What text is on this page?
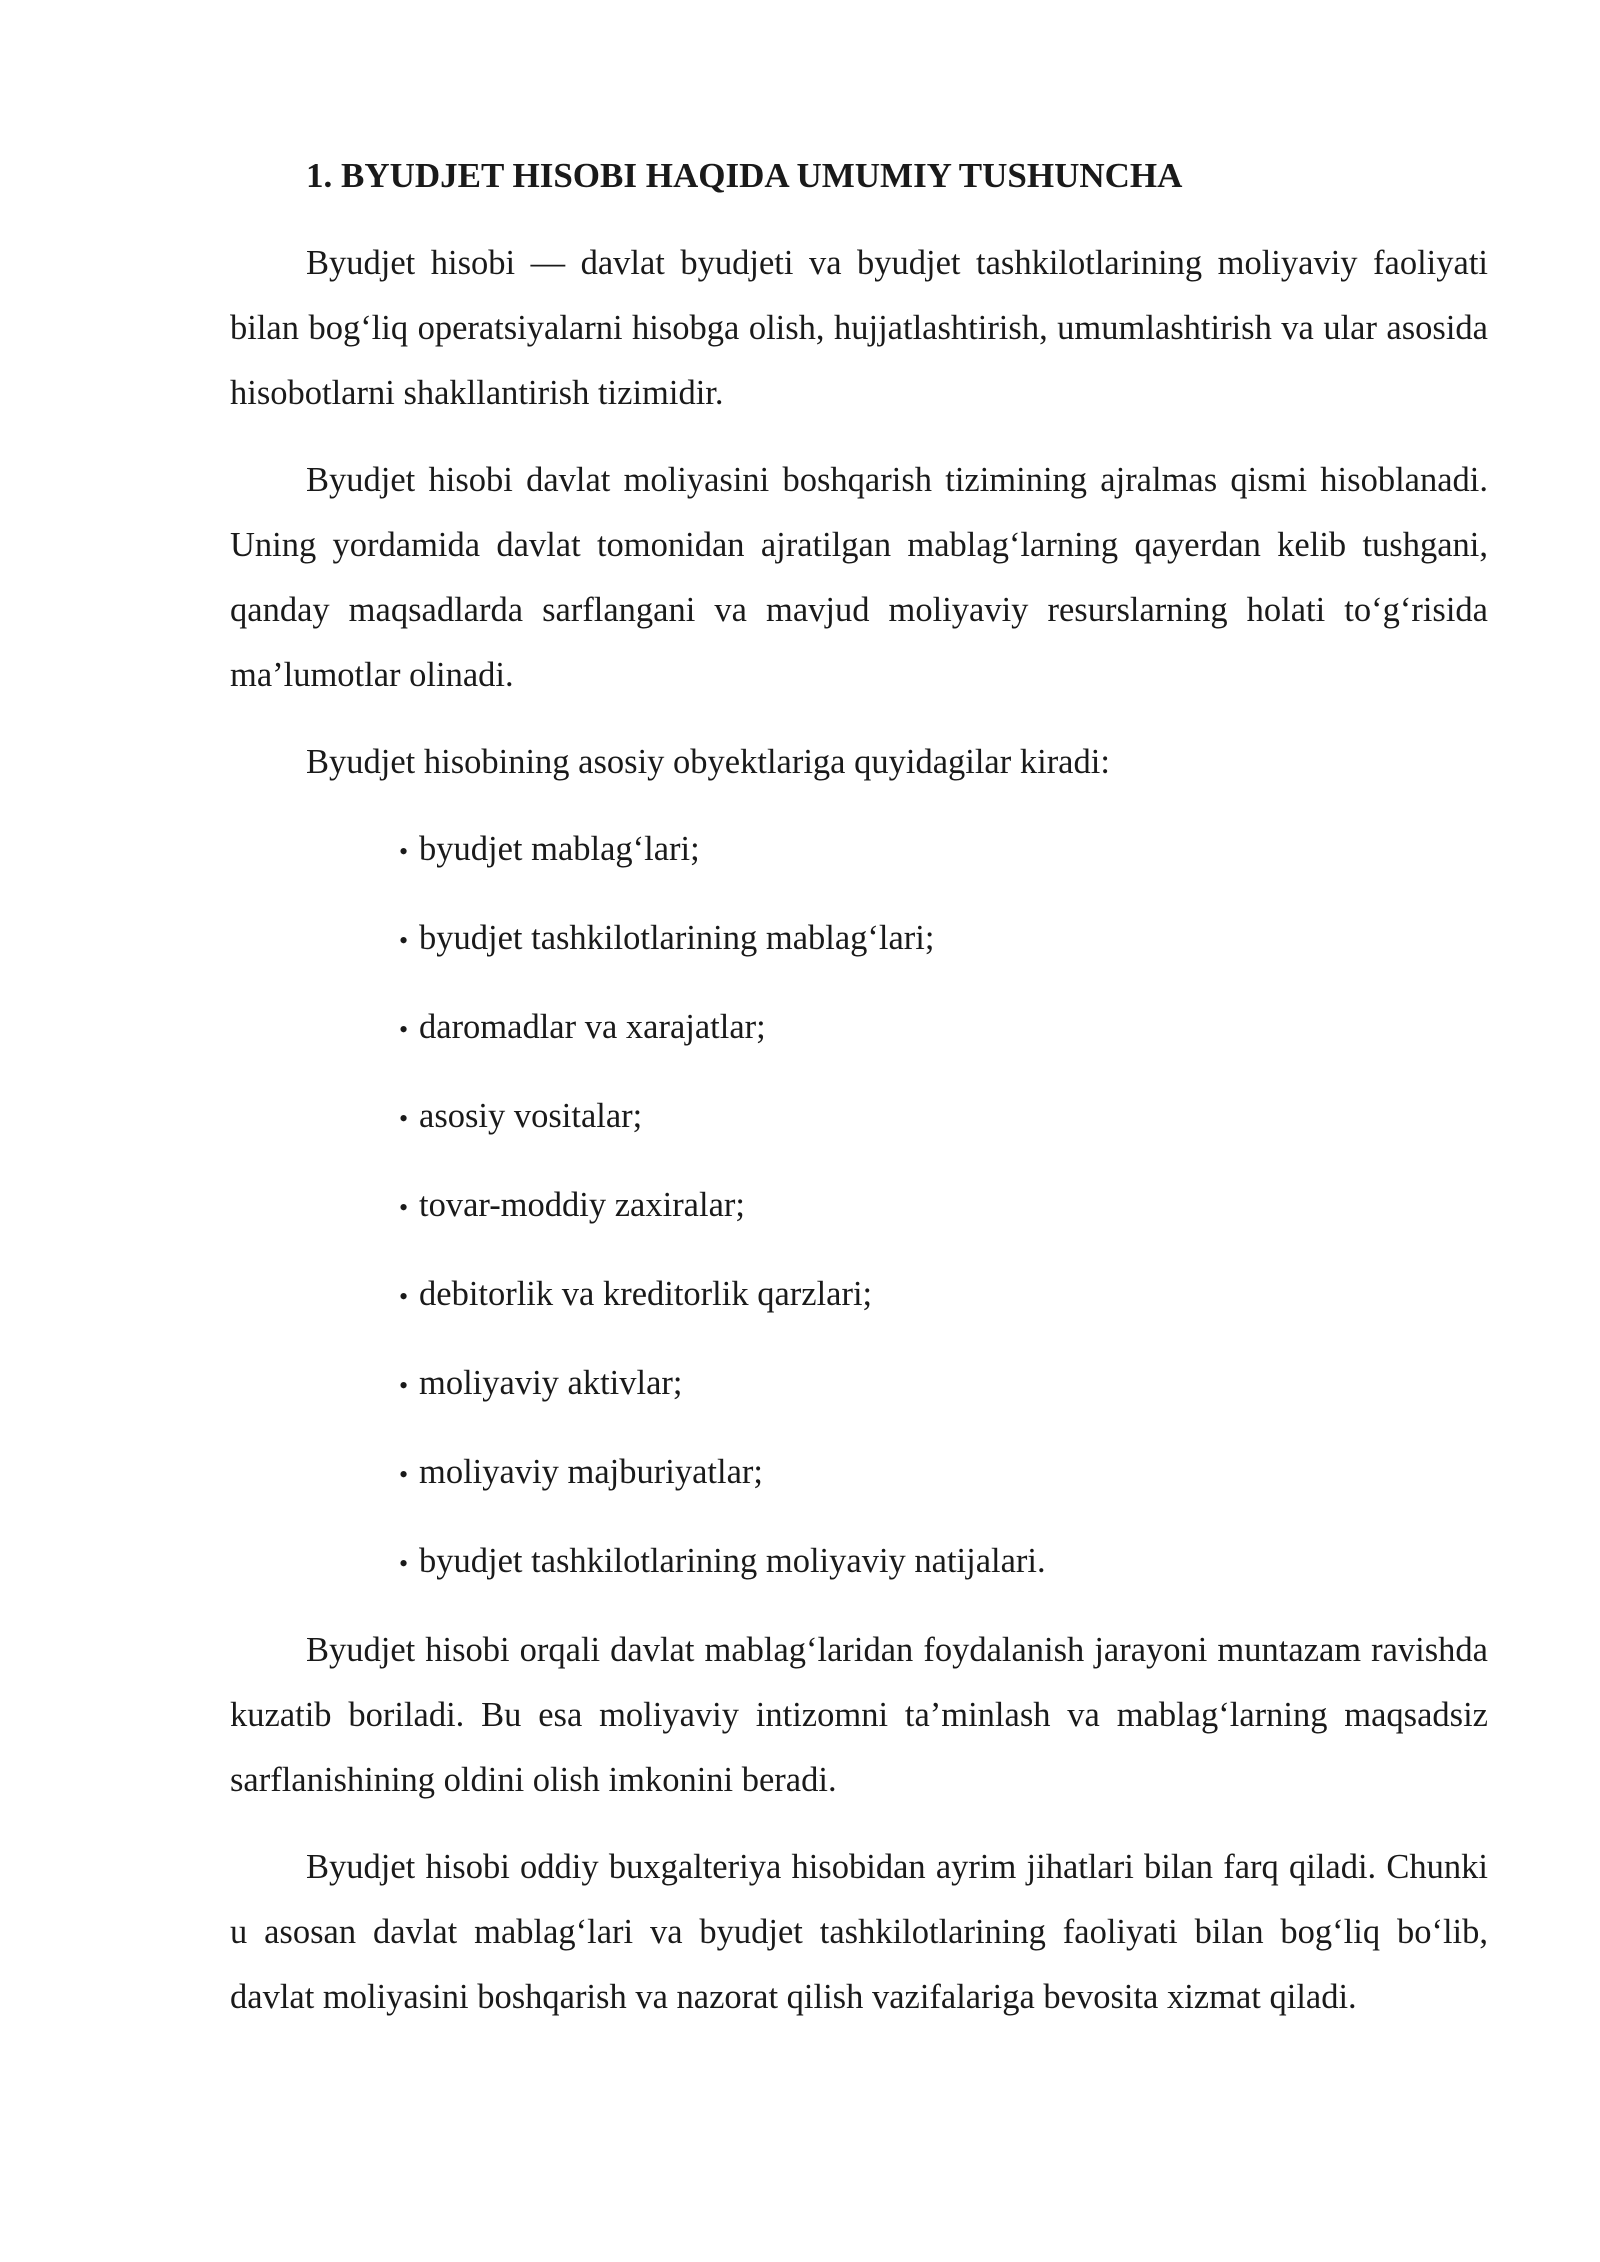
1. BYUDJET HISOBI HAQIDA UMUMIY TUSHUNCHA

Byudjet hisobi — davlat byudjeti va byudjet tashkilotlarining moliyaviy faoliyati bilan bog‘liq operatsiyalarni hisobga olish, hujjatlashtirish, umumlashtirish va ular asosida hisobotlarni shakllantirish tizimidir.

Byudjet hisobi davlat moliyasini boshqarish tizimining ajralmas qismi hisoblanadi. Uning yordamida davlat tomonidan ajratilgan mablag‘larning qayerdan kelib tushgani, qanday maqsadlarda sarflangani va mavjud moliyaviy resurslarning holati to‘g‘risida ma’lumotlar olinadi.

Byudjet hisobining asosiy obyektlariga quyidagilar kiradi:

• byudjet mablag‘lari;
• byudjet tashkilotlarining mablag‘lari;
• daromadlar va xarajatlar;
• asosiy vositalar;
• tovar-moddiy zaxiralar;
• debitorlik va kreditorlik qarzlari;
• moliyaviy aktivlar;
• moliyaviy majburiyatlar;
• byudjet tashkilotlarining moliyaviy natijalari.

Byudjet hisobi orqali davlat mablag‘laridan foydalanish jarayoni muntazam ravishda kuzatib boriladi. Bu esa moliyaviy intizomni ta’minlash va mablag‘larning maqsadsiz sarflanishining oldini olish imkonini beradi.

Byudjet hisobi oddiy buxgalteriya hisobidan ayrim jihatlari bilan farq qiladi. Chunki u asosan davlat mablag‘lari va byudjet tashkilotlarining faoliyati bilan bog‘liq bo‘lib, davlat moliyasini boshqarish va nazorat qilish vazifalariga bevosita xizmat qiladi.
